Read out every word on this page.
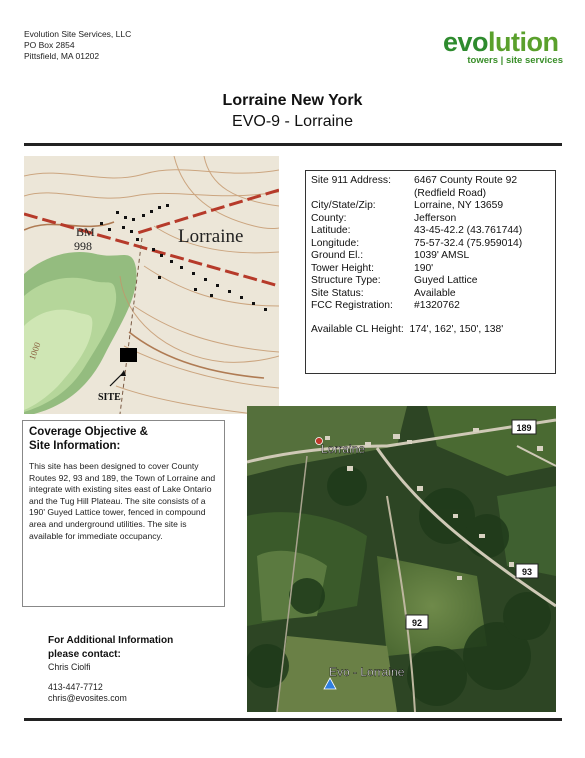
Evolution Site Services, LLC
PO Box 2854
Pittsfield, MA 01202	evolution
towers | site services
Lorraine New York
EVO-9 - Lorraine
BM
998	Lorraine
1000
SITE
Site 911 Address:	6467 County Route 92
(Redfield Road)
City/State/Zip:	Lorraine, NY 13659
County:	Jefferson
Latitude:	43-45-42.2 (43.761744)
Longitude:	75-57-32.4 (75.959014)
Ground El.:	1039' AMSL
Tower Height:	190'
Structure Type:	Guyed Lattice
Site Status:	Available
FCC Registration:	#1320762
Available CL Height: 174', 162', 150', 138'
Coverage Objective &
Site Information:
This site has been designed to cover County Routes 92, 93 and 189, the Town of Lorraine and integrate with existing sites east of Lake Ontario and the Tug Hill Plateau. The site consists of a 190' Guyed Lattice tower, fenced in compound area and underground utilities. The site is available for immediate occupancy.
Lorraine
189
93
92
Evo - Lorraine
For Additional Information
please contact:
Chris Ciolfi
413-447-7712
chris@evosites.com
